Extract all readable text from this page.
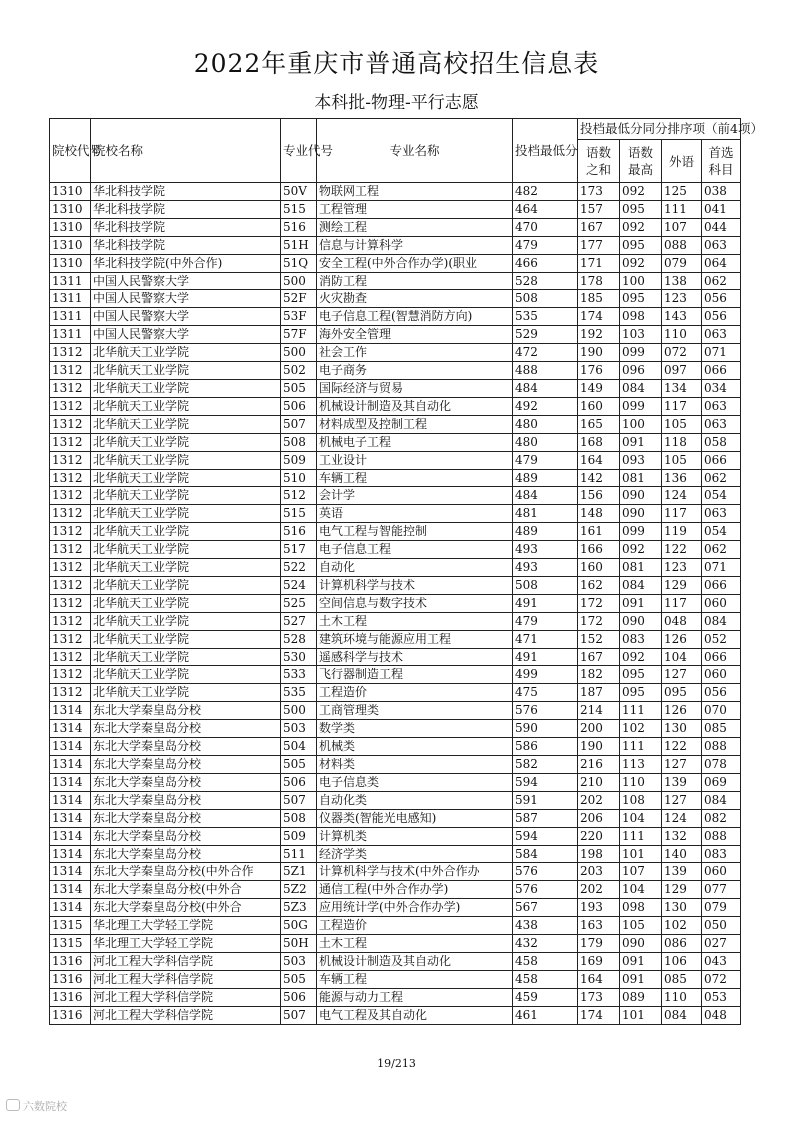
2022年重庆市普通高校招生信息表
本科批-物理-平行志愿
院校代号	院校名称	专业代号	专业名称	投档最低分	投档最低分同分排序项（前4项）			
					语数之和	语数最高	外语	首选科目
1310	华北科技学院	50V	物联网工程	482	173	092	125	038
1310	华北科技学院	515	工程管理	464	157	095	111	041
1310	华北科技学院	516	测绘工程	470	167	092	107	044
1310	华北科技学院	51H	信息与计算科学	479	177	095	088	063
1310	华北科技学院(中外合作)	51Q	安全工程(中外合作办学)(职业	466	171	092	079	064
1311	中国人民警察大学	500	消防工程	528	178	100	138	062
1311	中国人民警察大学	52F	火灾勘查	508	185	095	123	056
1311	中国人民警察大学	53F	电子信息工程(智慧消防方向)	535	174	098	143	056
1311	中国人民警察大学	57F	海外安全管理	529	192	103	110	063
1312	北华航天工业学院	500	社会工作	472	190	099	072	071
1312	北华航天工业学院	502	电子商务	488	176	096	097	066
1312	北华航天工业学院	505	国际经济与贸易	484	149	084	134	034
1312	北华航天工业学院	506	机械设计制造及其自动化	492	160	099	117	063
1312	北华航天工业学院	507	材料成型及控制工程	480	165	100	105	063
1312	北华航天工业学院	508	机械电子工程	480	168	091	118	058
1312	北华航天工业学院	509	工业设计	479	164	093	105	066
1312	北华航天工业学院	510	车辆工程	489	142	081	136	062
1312	北华航天工业学院	512	会计学	484	156	090	124	054
1312	北华航天工业学院	515	英语	481	148	090	117	063
1312	北华航天工业学院	516	电气工程与智能控制	489	161	099	119	054
1312	北华航天工业学院	517	电子信息工程	493	166	092	122	062
1312	北华航天工业学院	522	自动化	493	160	081	123	071
1312	北华航天工业学院	524	计算机科学与技术	508	162	084	129	066
1312	北华航天工业学院	525	空间信息与数字技术	491	172	091	117	060
1312	北华航天工业学院	527	土木工程	479	172	090	048	084
1312	北华航天工业学院	528	建筑环境与能源应用工程	471	152	083	126	052
1312	北华航天工业学院	530	遥感科学与技术	491	167	092	104	066
1312	北华航天工业学院	533	飞行器制造工程	499	182	095	127	060
1312	北华航天工业学院	535	工程造价	475	187	095	095	056
1314	东北大学秦皇岛分校	500	工商管理类	576	214	111	126	070
1314	东北大学秦皇岛分校	503	数学类	590	200	102	130	085
1314	东北大学秦皇岛分校	504	机械类	586	190	111	122	088
1314	东北大学秦皇岛分校	505	材料类	582	216	113	127	078
1314	东北大学秦皇岛分校	506	电子信息类	594	210	110	139	069
1314	东北大学秦皇岛分校	507	自动化类	591	202	108	127	084
1314	东北大学秦皇岛分校	508	仪器类(智能光电感知)	587	206	104	124	082
1314	东北大学秦皇岛分校	509	计算机类	594	220	111	132	088
1314	东北大学秦皇岛分校	511	经济学类	584	198	101	140	083
1314	东北大学秦皇岛分校(中外合作	5Z1	计算机科学与技术(中外合作办	576	203	107	139	060
1314	东北大学秦皇岛分校(中外合	5Z2	通信工程(中外合作办学)	576	202	104	129	077
1314	东北大学秦皇岛分校(中外合	5Z3	应用统计学(中外合作办学)	567	193	098	130	079
1315	华北理工大学轻工学院	50G	工程造价	438	163	105	102	050
1315	华北理工大学轻工学院	50H	土木工程	432	179	090	086	027
1316	河北工程大学科信学院	503	机械设计制造及其自动化	458	169	091	106	043
1316	河北工程大学科信学院	505	车辆工程	458	164	091	085	072
1316	河北工程大学科信学院	506	能源与动力工程	459	173	089	110	053
1316	河北工程大学科信学院	507	电气工程及其自动化	461	174	101	084	048
19/213
六数院校
